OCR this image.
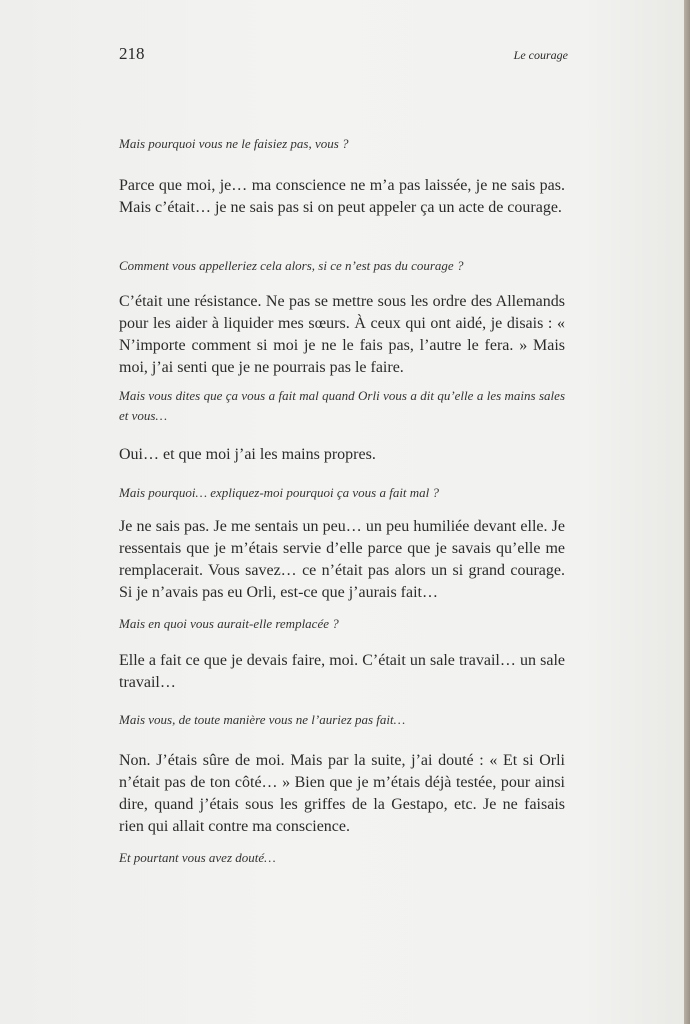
218	Le courage

Mais pourquoi vous ne le faisiez pas, vous ?

Parce que moi, je… ma conscience ne m’a pas laissée, je ne sais pas. Mais c’était… je ne sais pas si on peut appeler ça un acte de courage.

Comment vous appelleriez cela alors, si ce n’est pas du courage ?

C’était une résistance. Ne pas se mettre sous les ordre des Allemands pour les aider à liquider mes sœurs. À ceux qui ont aidé, je disais : « N’importe comment si moi je ne le fais pas, l’autre le fera. » Mais moi, j’ai senti que je ne pourrais pas le faire.

Mais vous dites que ça vous a fait mal quand Orli vous a dit qu’elle a les mains sales et vous…

Oui… et que moi j’ai les mains propres.

Mais pourquoi… expliquez-moi pourquoi ça vous a fait mal ?

Je ne sais pas. Je me sentais un peu… un peu humiliée devant elle. Je ressentais que je m’étais servie d’elle parce que je savais qu’elle me remplacerait. Vous savez… ce n’était pas alors un si grand courage. Si je n’avais pas eu Orli, est-ce que j’aurais fait…

Mais en quoi vous aurait-elle remplacée ?

Elle a fait ce que je devais faire, moi. C’était un sale travail… un sale travail…

Mais vous, de toute manière vous ne l’auriez pas fait…

Non. J’étais sûre de moi. Mais par la suite, j’ai douté : « Et si Orli n’était pas de ton côté… » Bien que je m’étais déjà testée, pour ainsi dire, quand j’étais sous les griffes de la Gestapo, etc. Je ne faisais rien qui allait contre ma conscience.

Et pourtant vous avez douté…
